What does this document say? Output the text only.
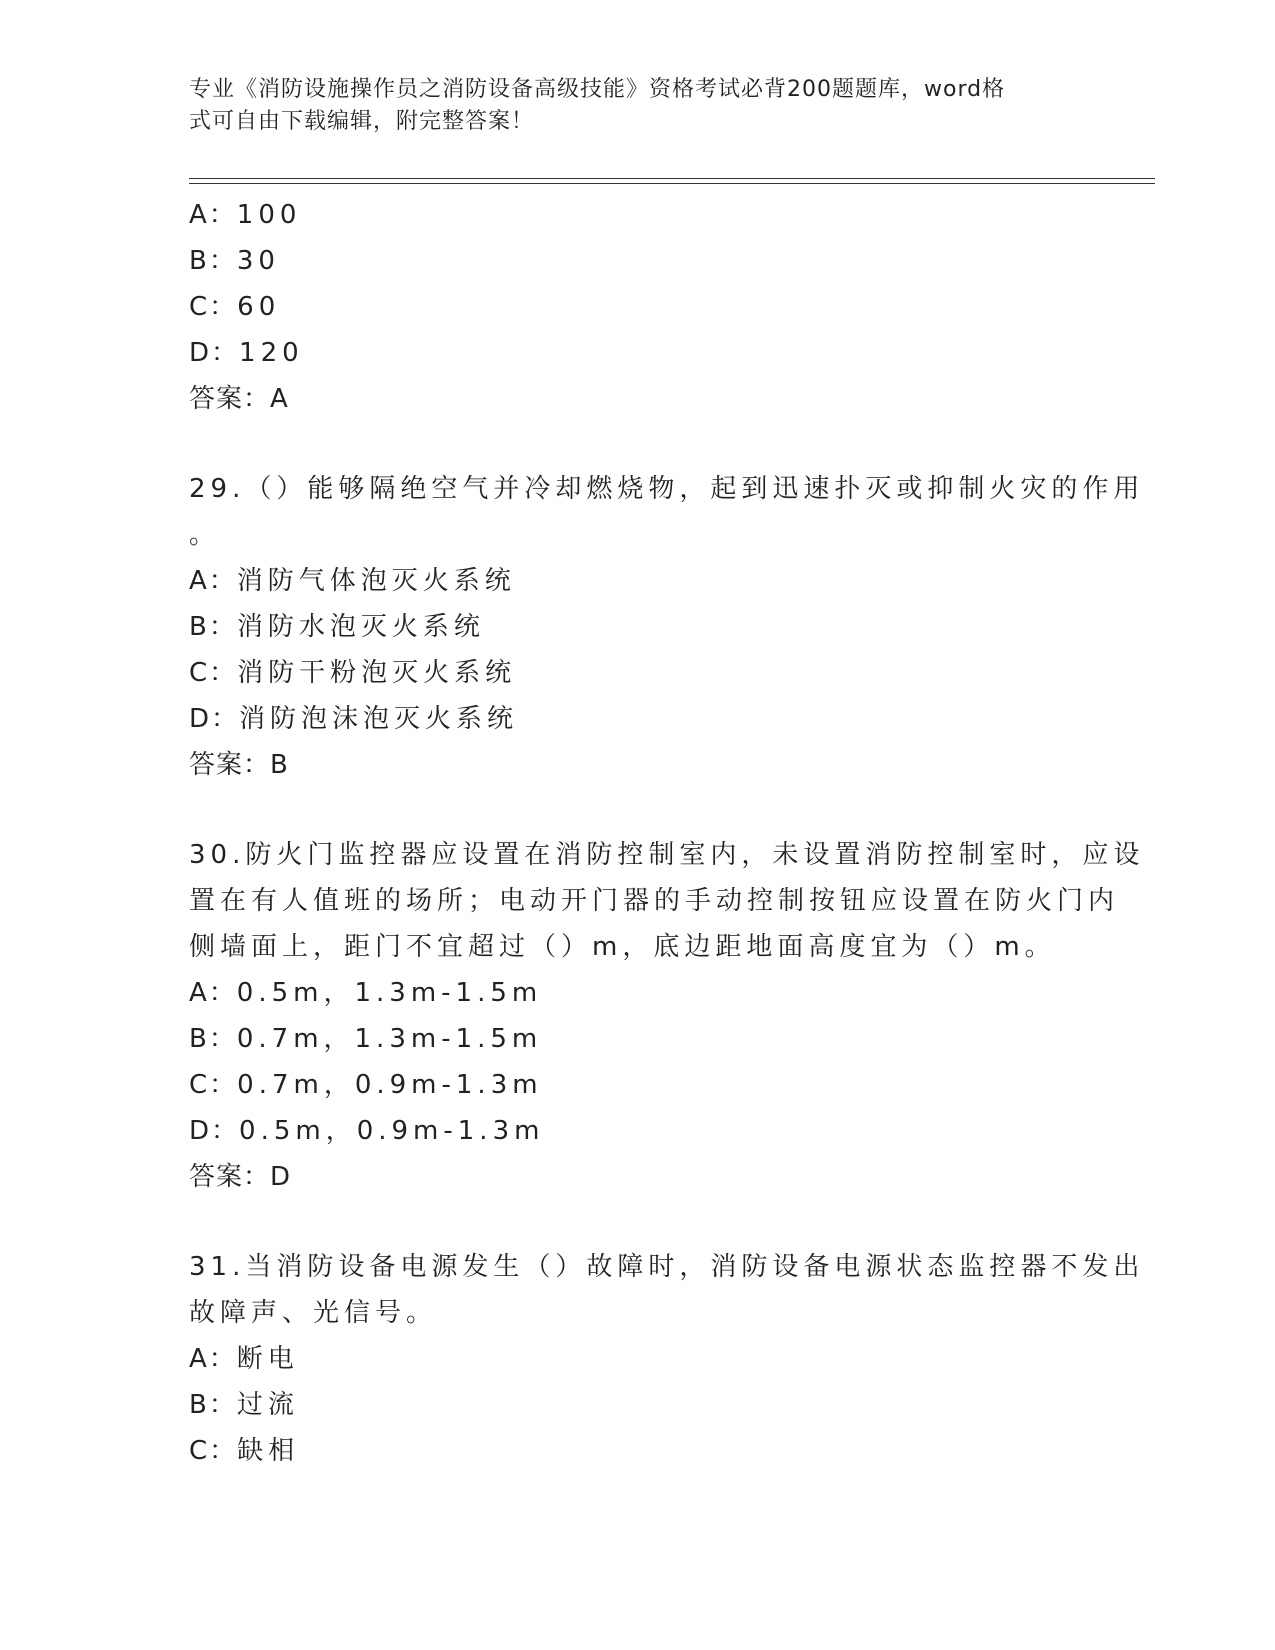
专业《消防设施操作员之消防设备高级技能》资格考试必背200题题库，word格
式可自由下载编辑，附完整答案！
A：100
B：30
C：60
D：120
答案：A
29.（）能够隔绝空气并冷却燃烧物，起到迅速扑灭或抑制火灾的作用
。
A：消防气体泡灭火系统
B：消防水泡灭火系统
C：消防干粉泡灭火系统
D：消防泡沫泡灭火系统
答案：B
30.防火门监控器应设置在消防控制室内，未设置消防控制室时，应设
置在有人值班的场所；电动开门器的手动控制按钮应设置在防火门内
侧墙面上，距门不宜超过（）m，底边距地面高度宜为（）m。
A：0.5m，1.3m-1.5m
B：0.7m，1.3m-1.5m
C：0.7m，0.9m-1.3m
D：0.5m，0.9m-1.3m
答案：D
31.当消防设备电源发生（）故障时，消防设备电源状态监控器不发出
故障声、光信号。
A：断电
B：过流
C：缺相
